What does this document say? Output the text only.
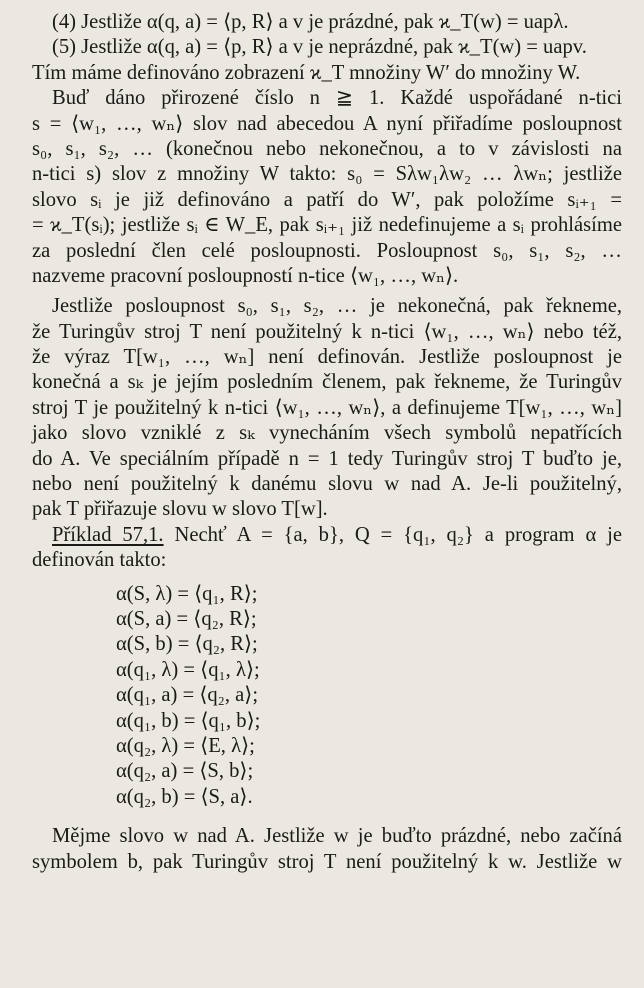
(4) Jestliže α(q, a) = ⟨p, R⟩ a v je prázdné, pak ϰ_T(w) = uapλ.
(5) Jestliže α(q, a) = ⟨p, R⟩ a v je neprázdné, pak ϰ_T(w) = uapv.
Tím máme definováno zobrazení ϰ_T množiny W′ do množiny W.
Buď dáno přirozené číslo n ≧ 1. Každé uspořádané n-tici
s = ⟨w₁, …, wₙ⟩ slov nad abecedou A nyní přiřadíme posloupnost
s₀, s₁, s₂, … (konečnou nebo nekonečnou, a to v závislosti na
n-tici s) slov z množiny W takto: s₀ = Sλw₁λw₂ … λwₙ; jestliže
slovo sᵢ je již definováno a patří do W′, pak položíme sᵢ₊₁ =
= ϰ_T(sᵢ); jestliže sᵢ ∈ W_E, pak sᵢ₊₁ již nedefinujeme a sᵢ prohlásíme
za poslední člen celé posloupnosti. Posloupnost s₀, s₁, s₂, …
nazveme pracovní posloupností n-tice ⟨w₁, …, wₙ⟩.
Jestliže posloupnost s₀, s₁, s₂, … je nekonečná, pak řekneme,
že Turingův stroj T není použitelný k n-tici ⟨w₁, …, wₙ⟩ nebo též,
že výraz T[w₁, …, wₙ] není definován. Jestliže posloupnost je
konečná a sₖ je jejím posledním členem, pak řekneme, že Turingův
stroj T je použitelný k n-tici ⟨w₁, …, wₙ⟩, a definujeme T[w₁, …, wₙ]
jako slovo vzniklé z sₖ vynecháním všech symbolů nepatřících
do A. Ve speciálním případě n = 1 tedy Turingův stroj T buďto je,
nebo není použitelný k danému slovu w nad A. Je-li použitelný,
pak T přiřazuje slovu w slovo T[w].
Příklad 57,1. Nechť A = {a, b}, Q = {q₁, q₂} a program α je
definován takto:
α(S, λ) = ⟨q₁, R⟩;
α(S, a) = ⟨q₂, R⟩;
α(S, b) = ⟨q₂, R⟩;
α(q₁, λ) = ⟨q₁, λ⟩;
α(q₁, a) = ⟨q₂, a⟩;
α(q₁, b) = ⟨q₁, b⟩;
α(q₂, λ) = ⟨E, λ⟩;
α(q₂, a) = ⟨S, b⟩;
α(q₂, b) = ⟨S, a⟩.
Mějme slovo w nad A. Jestliže w je buďto prázdné, nebo začíná
symbolem b, pak Turingův stroj T není použitelný k w. Jestliže w
